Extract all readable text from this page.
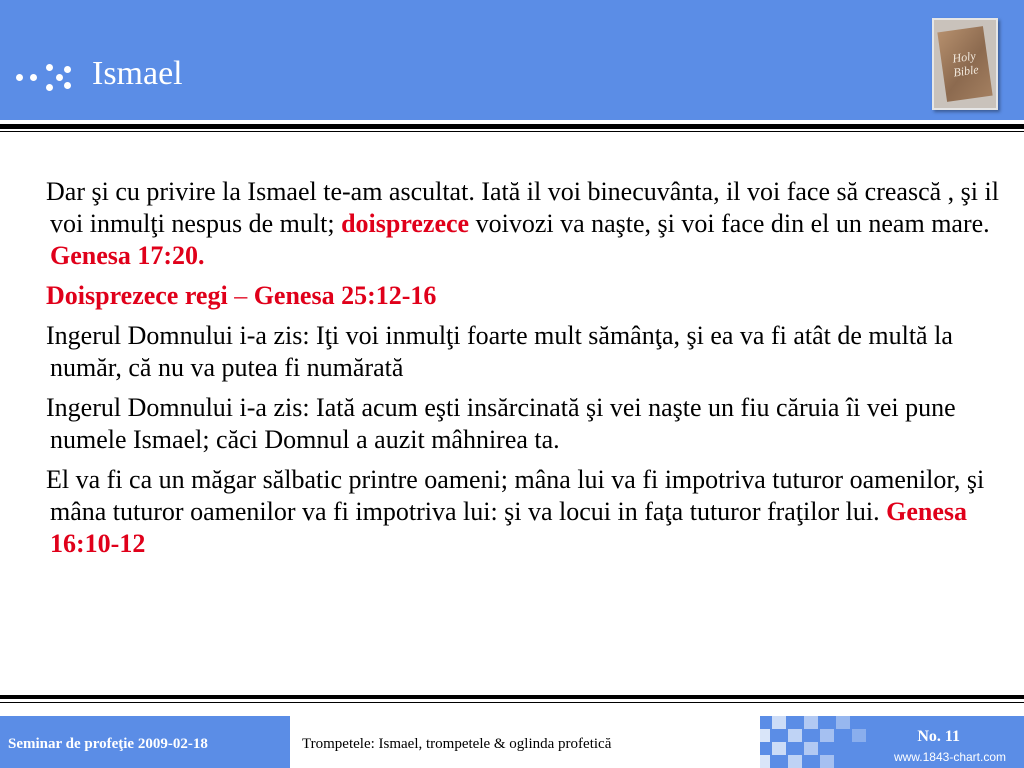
Ismael	Holy
Bible

Dar şi cu privire la Ismael te-am ascultat. Iată il voi binecuvânta, il voi face să crească , şi il voi inmulţi nespus de mult; doisprezece voivozi va naşte, şi voi face din el un neam mare. Genesa 17:20.

Doisprezece regi – Genesa 25:12-16

Ingerul Domnului i-a zis: Iţi voi inmulţi foarte mult sămânţa, şi ea va fi atât de multă la număr, că nu va putea fi numărată

Ingerul Domnului i-a zis: Iată acum eşti insărcinată şi vei naşte un fiu căruia îi vei pune numele Ismael; căci Domnul a auzit mâhnirea ta.

El va fi ca un măgar sălbatic printre oameni; mâna lui va fi impotriva tuturor oamenilor, şi mâna tuturor oamenilor va fi impotriva lui: şi va locui in faţa tuturor fraţilor lui. Genesa 16:10-12

Seminar de profeţie 2009-02-18	Trompetele: Ismael, trompetele & oglinda profetică	No. 11
www.1843-chart.com
